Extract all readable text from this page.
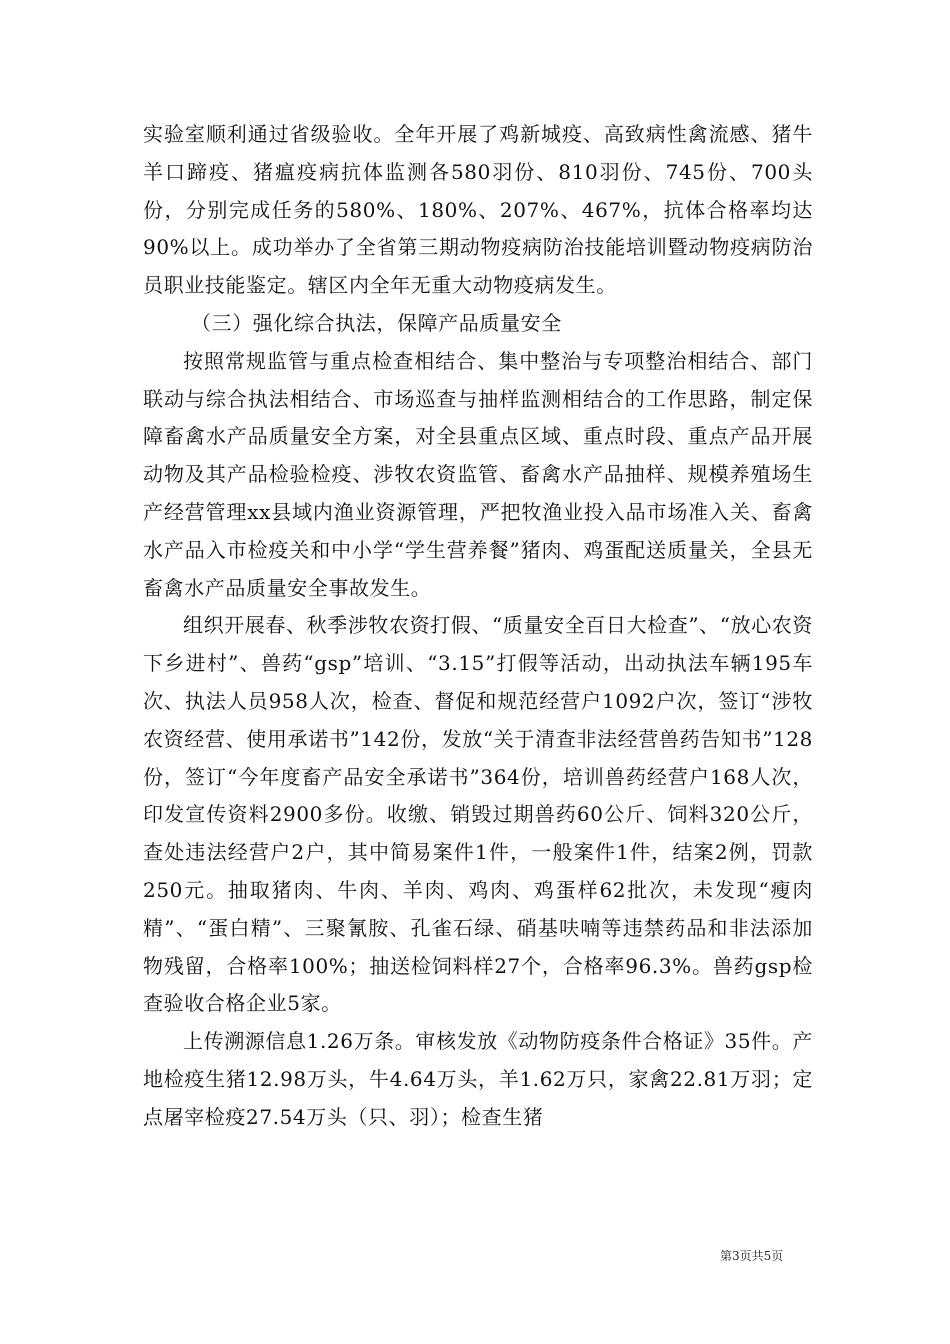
实验室顺利通过省级验收。全年开展了鸡新城疫、高致病性禽流感、猪牛羊口蹄疫、猪瘟疫病抗体监测各580羽份、810羽份、745份、700头份，分别完成任务的580%、180%、207%、467%，抗体合格率均达90%以上。成功举办了全省第三期动物疫病防治技能培训暨动物疫病防治员职业技能鉴定。辖区内全年无重大动物疫病发生。

（三）强化综合执法，保障产品质量安全

按照常规监管与重点检查相结合、集中整治与专项整治相结合、部门联动与综合执法相结合、市场巡查与抽样监测相结合的工作思路，制定保障畜禽水产品质量安全方案，对全县重点区域、重点时段、重点产品开展动物及其产品检验检疫、涉牧农资监管、畜禽水产品抽样、规模养殖场生产经营管理xx县域内渔业资源管理，严把牧渔业投入品市场准入关、畜禽水产品入市检疫关和中小学“学生营养餐”猪肉、鸡蛋配送质量关，全县无畜禽水产品质量安全事故发生。

组织开展春、秋季涉牧农资打假、“质量安全百日大检查”、“放心农资下乡进村”、兽药“gsp”培训、“3.15”打假等活动，出动执法车辆195车次、执法人员958人次，检查、督促和规范经营户1092户次，签订“涉牧农资经营、使用承诺书”142份，发放“关于清查非法经营兽药告知书”128份，签订“今年度畜产品安全承诺书”364份，培训兽药经营户168人次，印发宣传资料2900多份。收缴、销毁过期兽药60公斤、饲料320公斤，查处违法经营户2户，其中简易案件1件，一般案件1件，结案2例，罚款250元。抽取猪肉、牛肉、羊肉、鸡肉、鸡蛋样62批次，未发现“瘦肉精”、“蛋白精”、三聚氰胺、孔雀石绿、硝基呋喃等违禁药品和非法添加物残留，合格率100%；抽送检饲料样27个，合格率96.3%。兽药gsp检查验收合格企业5家。

上传溯源信息1.26万条。审核发放《动物防疫条件合格证》35件。产地检疫生猪12.98万头，牛4.64万头，羊1.62万只，家禽22.81万羽；定点屠宰检疫27.54万头（只、羽）；检查生猪

第3页共5页
